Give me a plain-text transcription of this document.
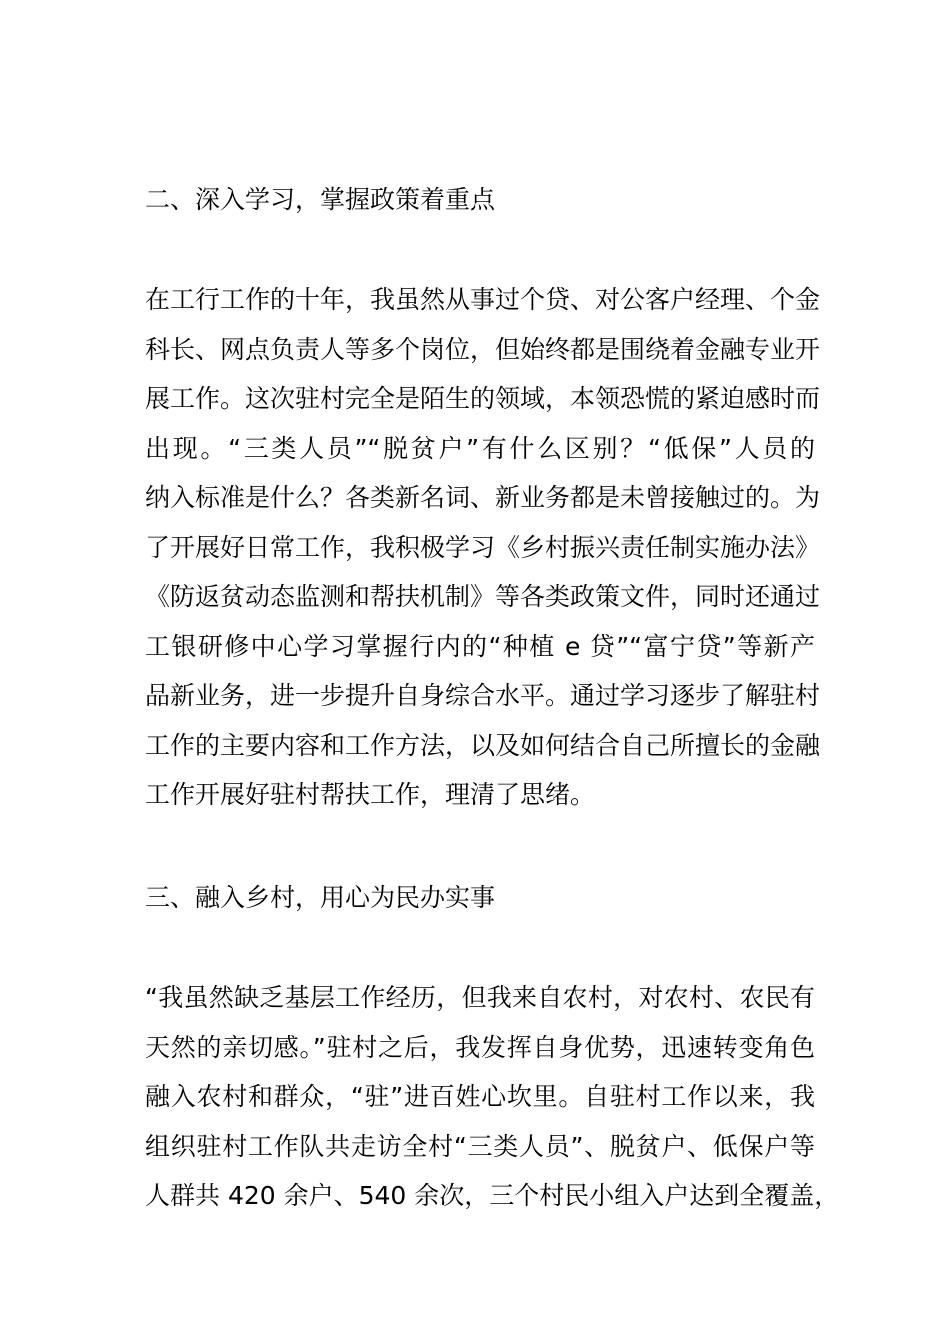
二、深入学习，掌握政策着重点
在工行工作的十年，我虽然从事过个贷、对公客户经理、个金
科长、网点负责人等多个岗位，但始终都是围绕着金融专业开
展工作。这次驻村完全是陌生的领域，本领恐慌的紧迫感时而
出现。“三类人员”“脱贫户”有什么区别？“低保”人员的
纳入标准是什么？各类新名词、新业务都是未曾接触过的。为
了开展好日常工作，我积极学习《乡村振兴责任制实施办法》
《防返贫动态监测和帮扶机制》等各类政策文件，同时还通过
工银研修中心学习掌握行内的“种植 e 贷”“富宁贷”等新产
品新业务，进一步提升自身综合水平。通过学习逐步了解驻村
工作的主要内容和工作方法，以及如何结合自己所擅长的金融
工作开展好驻村帮扶工作，理清了思绪。
三、融入乡村，用心为民办实事
“我虽然缺乏基层工作经历，但我来自农村，对农村、农民有
天然的亲切感。”驻村之后，我发挥自身优势，迅速转变角色
融入农村和群众，“驻”进百姓心坎里。自驻村工作以来，我
组织驻村工作队共走访全村“三类人员”、脱贫户、低保户等
人群共 420 余户、540 余次，三个村民小组入户达到全覆盖，
